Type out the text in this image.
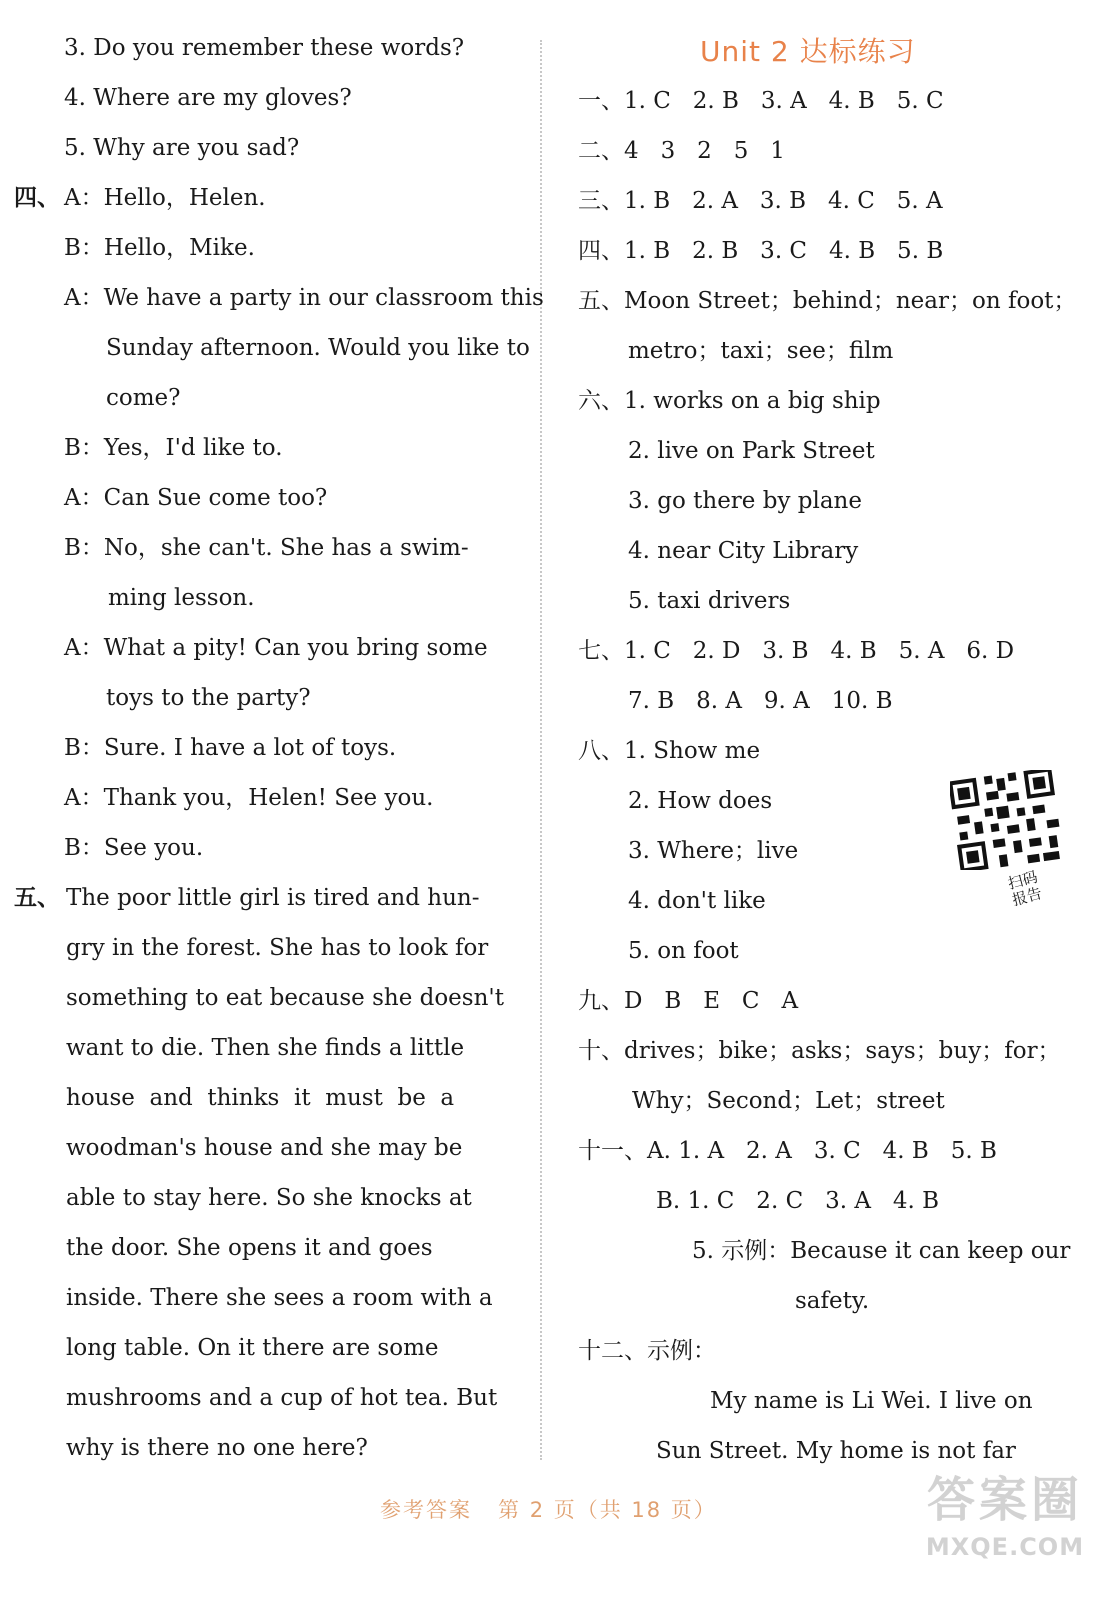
3. Do you remember these words?
4. Where are my gloves?
5. Why are you sad?
四、 A：Hello，Helen.
B：Hello，Mike.
A：We have a party in our classroom this
Sunday afternoon. Would you like to
come?
B：Yes，I'd like to.
A：Can Sue come too?
B：No，she can't. She has a swim-
ming lesson.
A：What a pity! Can you bring some
toys to the party?
B：Sure. I have a lot of toys.
A：Thank you，Helen! See you.
B：See you.
五、 The poor little girl is tired and hun-
gry in the forest. She has to look for
something to eat because she doesn't
want to die. Then she finds a little
house  and  thinks  it  must  be  a
woodman's house and she may be
able to stay here. So she knocks at
the door. She opens it and goes
inside. There she sees a room with a
long table. On it there are some
mushrooms and a cup of hot tea. But
why is there no one here?
Unit 2 达标练习
一、1. C   2. B   3. A   4. B   5. C
二、4   3   2   5   1
三、1. B   2. A   3. B   4. C   5. A
四、1. B   2. B   3. C   4. B   5. B
五、Moon Street；behind；near；on foot；
metro；taxi；see；film
六、1. works on a big ship
2. live on Park Street
3. go there by plane
4. near City Library
5. taxi drivers
七、1. C   2. D   3. B   4. B   5. A   6. D
7. B   8. A   9. A   10. B
八、1. Show me
2. How does
3. Where；live
4. don't like
5. on foot
九、D   B   E   C   A
十、drives；bike；asks；says；buy；for；
Why；Second；Let；street
十一、A. 1. A   2. A   3. C   4. B   5. B
B. 1. C   2. C   3. A   4. B
5. 示例：Because it can keep our
safety.
十二、示例：
My name is Li Wei. I live on
Sun Street. My home is not far
扫码
报告
参考答案   第 2 页（共 18 页）	答案圈
MXQE.COM
